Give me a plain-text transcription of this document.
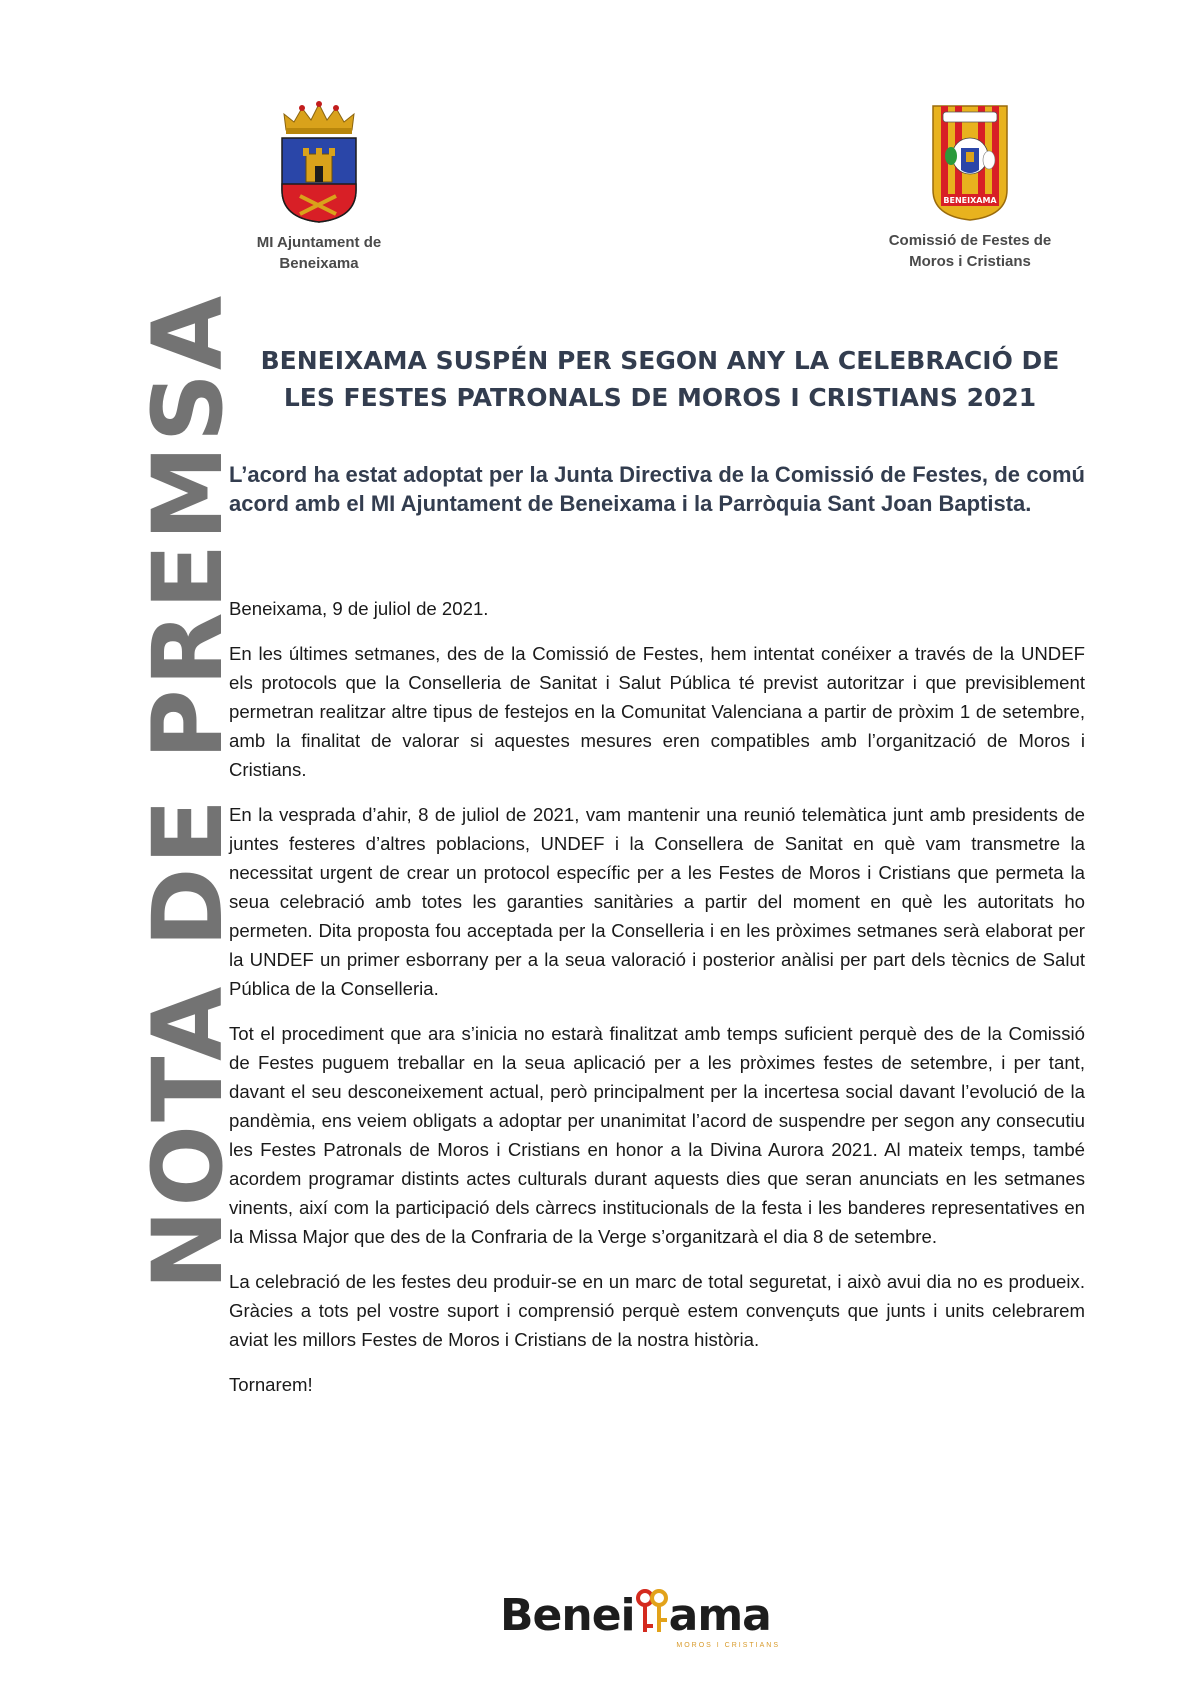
NOTA DE PREMSA
MI Ajuntament de
Beneixama
BENEIXAMA
Comissió de Festes de
Moros i Cristians
BENEIXAMA SUSPÉN PER SEGON ANY LA CELEBRACIÓ DE
LES FESTES PATRONALS DE MOROS I CRISTIANS 2021

L’acord ha estat adoptat per la Junta Directiva de la Comissió de Festes, de comú acord amb el MI Ajuntament de Beneixama i la Parròquia Sant Joan Baptista.

Beneixama, 9 de juliol de 2021.

En les últimes setmanes, des de la Comissió de Festes, hem intentat conéixer a través de la UNDEF els protocols que la Conselleria de Sanitat i Salut Pública té previst autoritzar i que previsiblement permetran realitzar altre tipus de festejos en la Comunitat Valenciana a partir de pròxim 1 de setembre, amb la finalitat de valorar si aquestes mesures eren compatibles amb l’organització de Moros i Cristians.

En la vesprada d’ahir, 8 de juliol de 2021, vam mantenir una reunió telemàtica junt amb presidents de juntes festeres d’altres poblacions, UNDEF i la Consellera de Sanitat en què vam transmetre la necessitat urgent de crear un protocol específic per a les Festes de Moros i Cristians que permeta la seua celebració amb totes les garanties sanitàries a partir del moment en què les autoritats ho permeten. Dita proposta fou acceptada per la Conselleria i en les pròximes setmanes serà elaborat per la UNDEF un primer esborrany per a la seua valoració i posterior anàlisi per part dels tècnics de Salut Pública de la Conselleria.

Tot el procediment que ara s’inicia no estarà finalitzat amb temps suficient perquè des de la Comissió de Festes puguem treballar en la seua aplicació per a les pròximes festes de setembre, i per tant, davant el seu desconeixement actual, però principalment per la incertesa social davant l’evolució de la pandèmia, ens veiem obligats a adoptar per unanimitat l’acord de suspendre per segon any consecutiu les Festes Patronals de Moros i Cristians en honor a la Divina Aurora 2021. Al mateix temps, també acordem programar distints actes culturals durant aquests dies que seran anunciats en les setmanes vinents, així com la participació dels càrrecs institucionals de la festa i les banderes representatives en la Missa Major que des de la Confraria de la Verge s’organitzarà el dia 8 de setembre.

La celebració de les festes deu produir-se en un marc de total seguretat, i això avui dia no es produeix. Gràcies a tots pel vostre suport i comprensió perquè estem convençuts que junts i units celebrarem aviat les millors Festes de Moros i Cristians de la nostra història.

Tornarem!

Benei ama
MOROS I CRISTIANS
